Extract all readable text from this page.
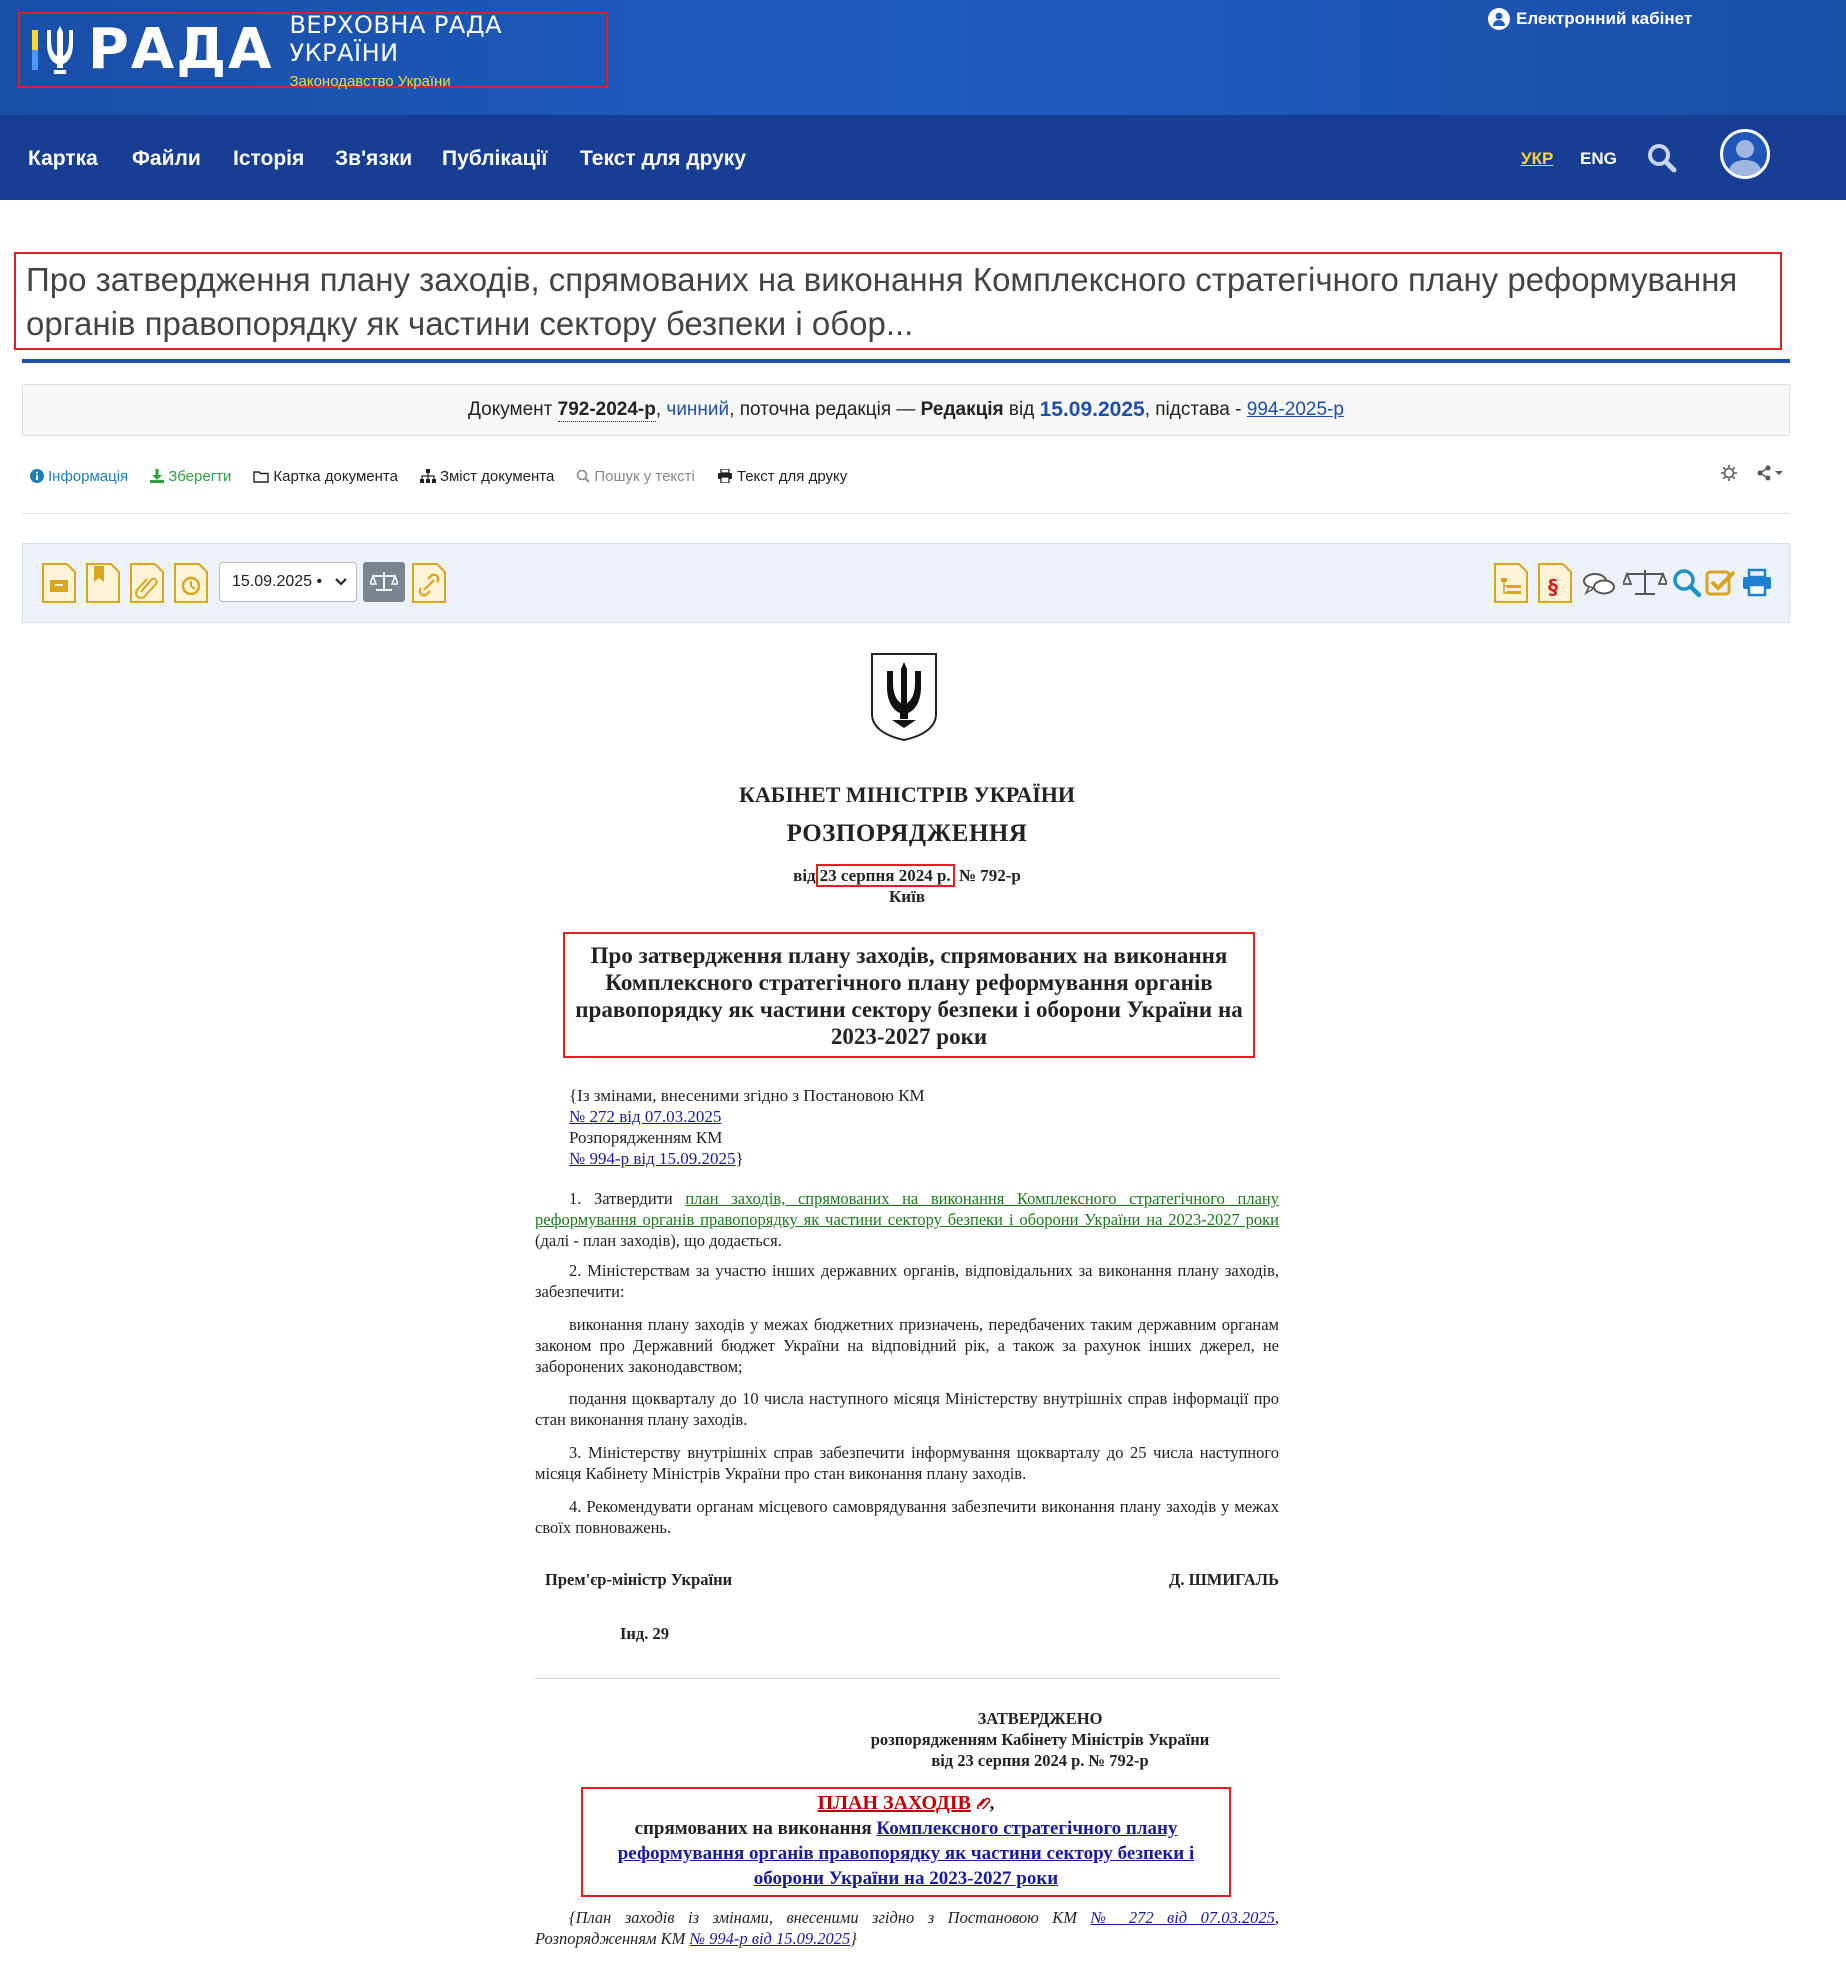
РАДА ВЕРХОВНА РАДА УКРАЇНИ
Законодавство України
Електронний кабінет
Картка Файли Історія Зв'язки Публікації Текст для друку	УКР ENG
Про затвердження плану заходів, спрямованих на виконання Комплексного стратегічного плану реформування органів правопорядку як частини сектору безпеки і обор...
Документ
792-2024-р , чинний , поточна редакція — Редакція
від
15.09.2025 , підстава -
994-2025-р
Інформація	Зберегти	Картка документа	Зміст документа	Пошук у тексті	Текст для друку
15.09.2025 •	§
КАБІНЕТ МІНІСТРІВ УКРАЇНИ
РОЗПОРЯДЖЕННЯ
від 23 серпня 2024 р. № 792-р
Київ
Про затвердження плану заходів, спрямованих на виконання Комплексного стратегічного плану реформування органів правопорядку як частини сектору безпеки і оборони України на 2023-2027 роки
{Із змінами, внесеними згідно з Постановою КМ
№ 272 від 07.03.2025
Розпорядженням КМ
№ 994-р від 15.09.2025}
1. Затвердити план заходів, спрямованих на виконання Комплексного стратегічного плану реформування органів правопорядку як частини сектору безпеки і оборони України на 2023-2027 роки (далі - план заходів), що додається.
2. Міністерствам за участю інших державних органів, відповідальних за виконання плану заходів, забезпечити:
виконання плану заходів у межах бюджетних призначень, передбачених таким державним органам законом про Державний бюджет України на відповідний рік, а також за рахунок інших джерел, не заборонених законодавством;
подання щокварталу до 10 числа наступного місяця Міністерству внутрішніх справ інформації про стан виконання плану заходів.
3. Міністерству внутрішніх справ забезпечити інформування щокварталу до 25 числа наступного місяця Кабінету Міністрів України про стан виконання плану заходів.
4. Рекомендувати органам місцевого самоврядування забезпечити виконання плану заходів у межах своїх повноважень.
Прем'єр-міністр України	Д. ШМИГАЛЬ
Інд. 29
ЗАТВЕРДЖЕНО
розпорядженням Кабінету Міністрів України
від 23 серпня 2024 р. № 792-р
ПЛАН ЗАХОДІВ ,
спрямованих на виконання Комплексного стратегічного плану реформування органів правопорядку як частини сектору безпеки і оборони України на 2023-2027 роки
{План заходів із змінами, внесеними згідно з Постановою КМ № 272 від 07.03.2025, Розпорядженням КМ № 994-р від 15.09.2025}
